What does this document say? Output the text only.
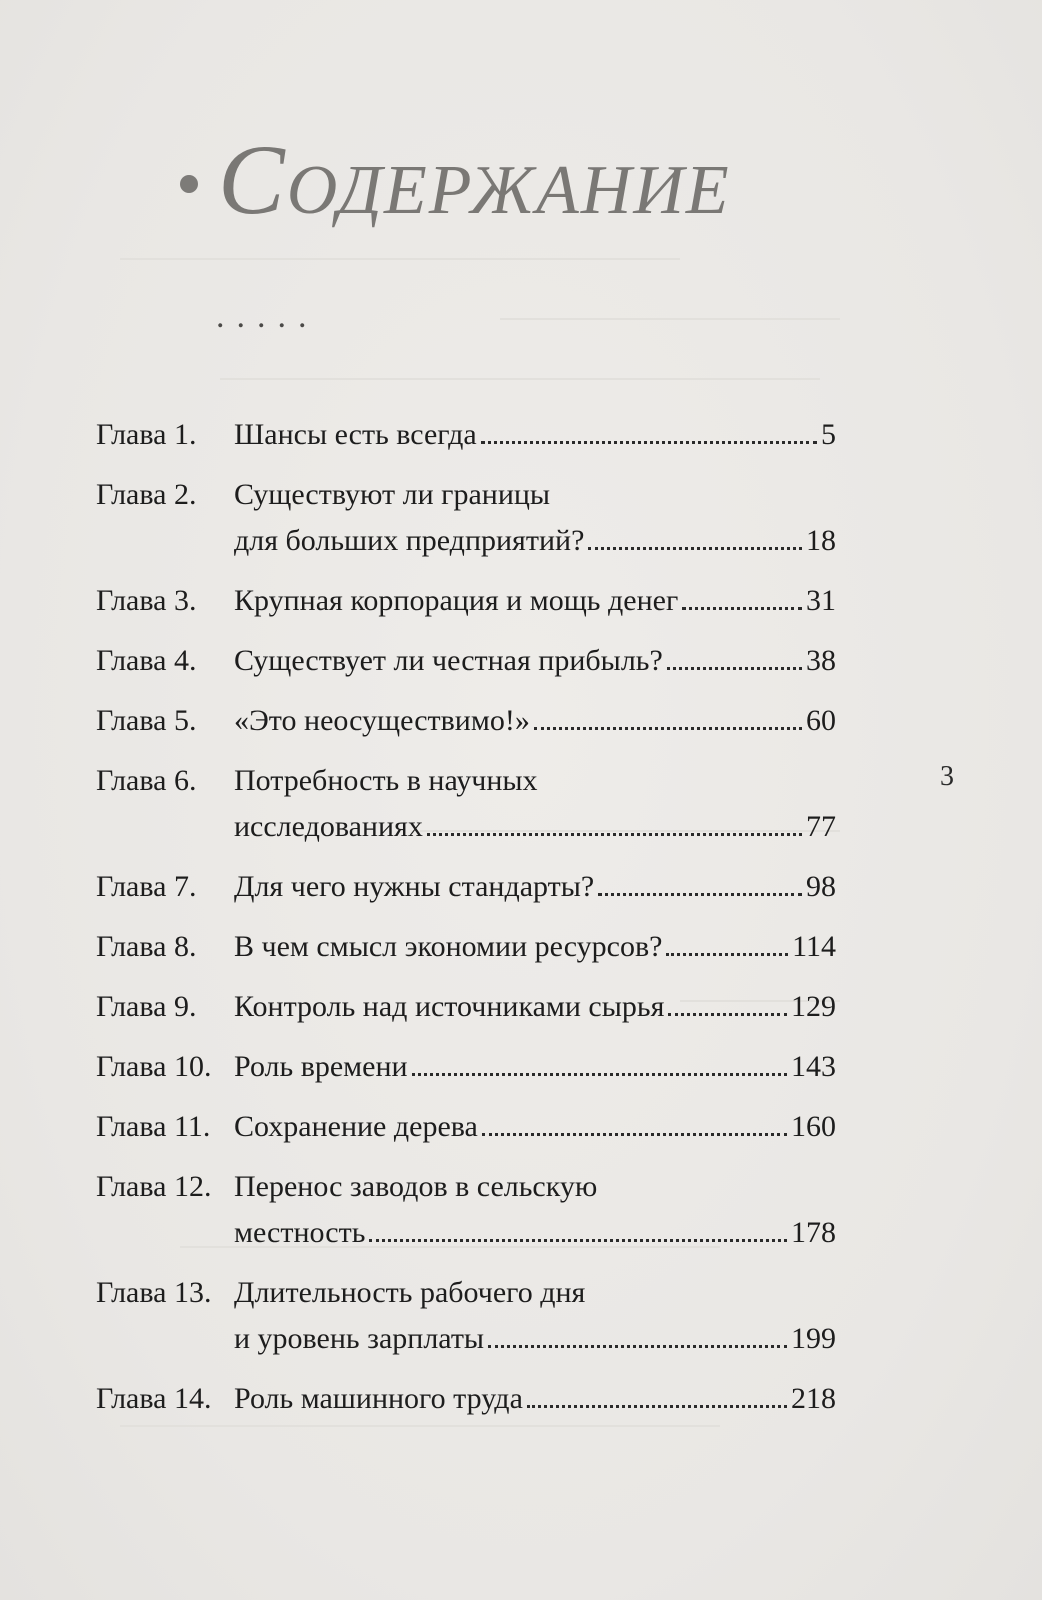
Содержание
.....
Глава 1.	Шансы есть всегда	5
Глава 2.	Существуют ли границы
для больших предприятий?	18
Глава 3.	Крупная корпорация и мощь денег	31
Глава 4.	Существует ли честная прибыль?	38
Глава 5.	«Это неосуществимо!»	60
Глава 6.	Потребность в научных
исследованиях	77
Глава 7.	Для чего нужны стандарты?	98
Глава 8.	В чем смысл экономии ресурсов?	114
Глава 9.	Контроль над источниками сырья	129
Глава 10. Роль времени	143
Глава 11. Сохранение дерева	160
Глава 12. Перенос заводов в сельскую
местность	178
Глава 13. Длительность рабочего дня
и уровень зарплаты	199
Глава 14. Роль машинного труда	218
3
